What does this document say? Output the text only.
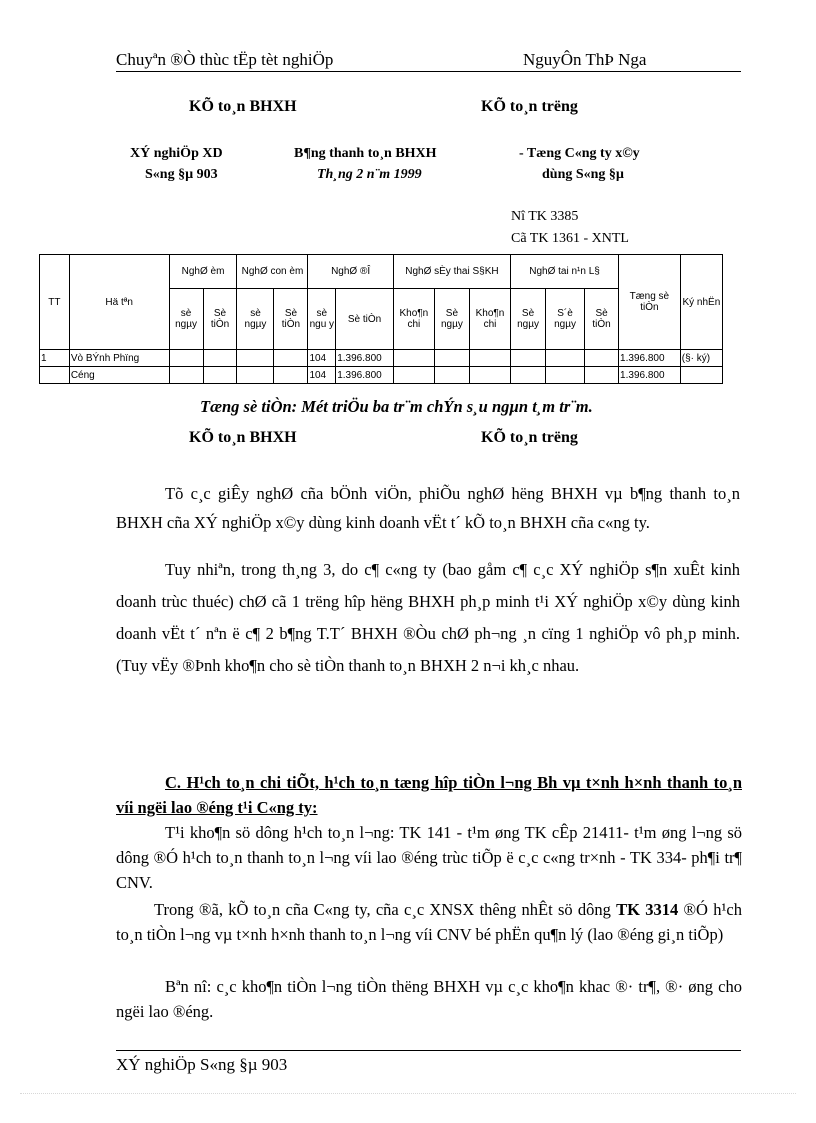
Chuyªn ®Ò thùc tËp tèt nghiÖp	NguyÔn ThÞ Nga
KÕ to¸n BHXH	KÕ to¸n trëng
XÝ nghiÖp XD
S«ng §µ 903
B¶ng thanh to¸n BHXH
Th¸ng 2 n¨m 1999
- Tæng C«ng ty x©y
dùng S«ng §µ
Nî TK 3385
Cã TK 1361 - XNTL
TT	Hä tªn	NghØ èm		NghØ con èm		NghØ ®Î		NghØ sÈy thai S§KH			NghØ tai n¹n L§			Tæng sè tiÒn	Ký nhËn
		sè ngµy	Sè tiÒn	sè ngµy	Sè tiÒn	sè ngu y	Sè tiÒn	Kho¶n chi	Sè ngµy	Kho¶n chi	Sè ngµy	S´è ngµy	Sè tiÒn		
1	Vò BÝnh Phïng					104	1.396.800							1.396.800	(§· ký)
	Céng					104	1.396.800							1.396.800	
Tæng sè tiÒn: Mét triÖu ba tr¨m chÝn s¸u ngµn t¸m tr¨m.
KÕ to¸n BHXH	KÕ to¸n trëng
Tõ c¸c giÊy nghØ cña bÖnh viÖn, phiÕu nghØ hëng BHXH vµ b¶ng thanh to¸n BHXH cña XÝ nghiÖp x©y dùng kinh doanh vËt t´ kÕ to¸n BHXH cña c«ng ty.
Tuy nhiªn, trong th¸ng 3, do c¶ c«ng ty (bao gåm c¶ c¸c XÝ nghiÖp s¶n xuÊt kinh doanh trùc thuéc) chØ cã 1 trëng hîp hëng BHXH ph¸p minh t¹i XÝ nghiÖp x©y dùng kinh doanh vËt t´ nªn ë c¶ 2 b¶ng T.T´ BHXH ®Òu chØ ph¬ng ¸n cïng 1 nghiÖp vô ph¸p minh.(Tuy vËy ®Þnh kho¶n cho sè tiÒn thanh to¸n BHXH 2 n¬i kh¸c nhau.
C. H¹ch to¸n chi tiÕt, h¹ch to¸n tæng hîp tiÒn l¬ng Bh vµ t×nh h×nh thanh to¸n víi ngëi lao ®éng t¹i C«ng ty:
T¹i kho¶n sö dông h¹ch to¸n l¬ng: TK 141 - t¹m øng TK cÊp 21411- t¹m øng l¬ng sö dông ®Ó h¹ch to¸n thanh to¸n l¬ng víi lao ®éng trùc tiÕp ë c¸c c«ng tr×nh - TK 334- ph¶i tr¶ CNV.
Trong ®ã, kÕ to¸n cña C«ng ty, cña c¸c XNSX thêng nhÊt sö dông TK 3314 ®Ó h¹ch to¸n tiÒn l¬ng vµ t×nh h×nh thanh to¸n l¬ng víi CNV bé phËn qu¶n lý (lao ®éng gi¸n tiÕp)
Bªn nî: c¸c kho¶n tiÒn l¬ng tiÒn thëng BHXH vµ c¸c kho¶n khac ®· tr¶, ®· øng cho ngëi lao ®éng.
XÝ nghiÖp S«ng §µ 903
